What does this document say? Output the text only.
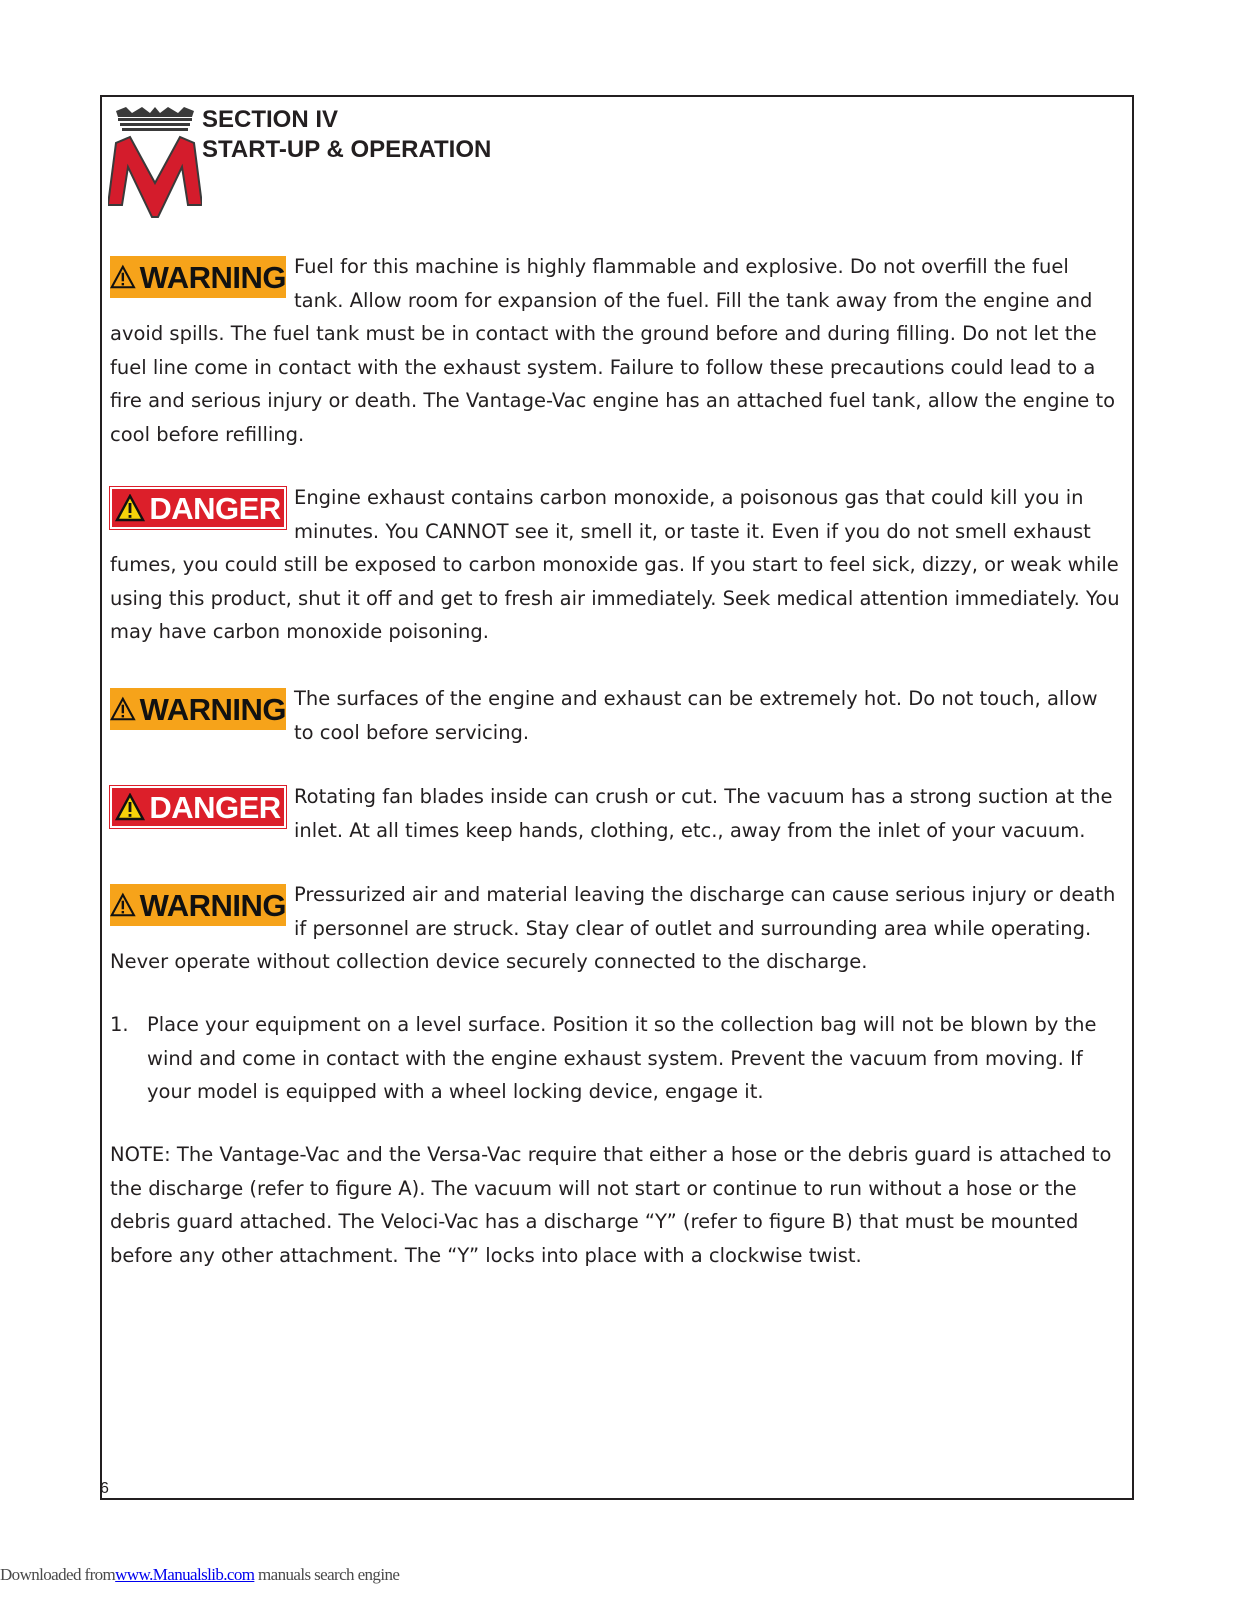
SECTION IV
START-UP & OPERATION
WARNING Fuel for this machine is highly flammable and explosive. Do not overfill the fuel tank. Allow room for expansion of the fuel. Fill the tank away from the engine and avoid spills. The fuel tank must be in contact with the ground before and during filling. Do not let the fuel line come in contact with the exhaust system. Failure to follow these precautions could lead to a fire and serious injury or death. The Vantage-Vac engine has an attached fuel tank, allow the engine to cool before refilling.

DANGER Engine exhaust contains carbon monoxide, a poisonous gas that could kill you in minutes. You CANNOT see it, smell it, or taste it. Even if you do not smell exhaust fumes, you could still be exposed to carbon monoxide gas. If you start to feel sick, dizzy, or weak while using this product, shut it off and get to fresh air immediately. Seek medical attention immediately. You may have carbon monoxide poisoning.

WARNING The surfaces of the engine and exhaust can be extremely hot. Do not touch, allow to cool before servicing.

DANGER Rotating fan blades inside can crush or cut. The vacuum has a strong suction at the inlet. At all times keep hands, clothing, etc., away from the inlet of your vacuum.

WARNING Pressurized air and material leaving the discharge can cause serious injury or death if personnel are struck. Stay clear of outlet and surrounding area while operating. Never operate without collection device securely connected to the discharge.

1. Place your equipment on a level surface. Position it so the collection bag will not be blown by the wind and come in contact with the engine exhaust system. Prevent the vacuum from moving. If your model is equipped with a wheel locking device, engage it.

NOTE: The Vantage-Vac and the Versa-Vac require that either a hose or the debris guard is attached to the discharge (refer to figure A). The vacuum will not start or continue to run without a hose or the debris guard attached. The Veloci-Vac has a discharge “Y” (refer to figure B) that must be mounted before any other attachment. The “Y” locks into place with a clockwise twist.

6
Downloaded fromwww.Manualslib.com manuals search engine
